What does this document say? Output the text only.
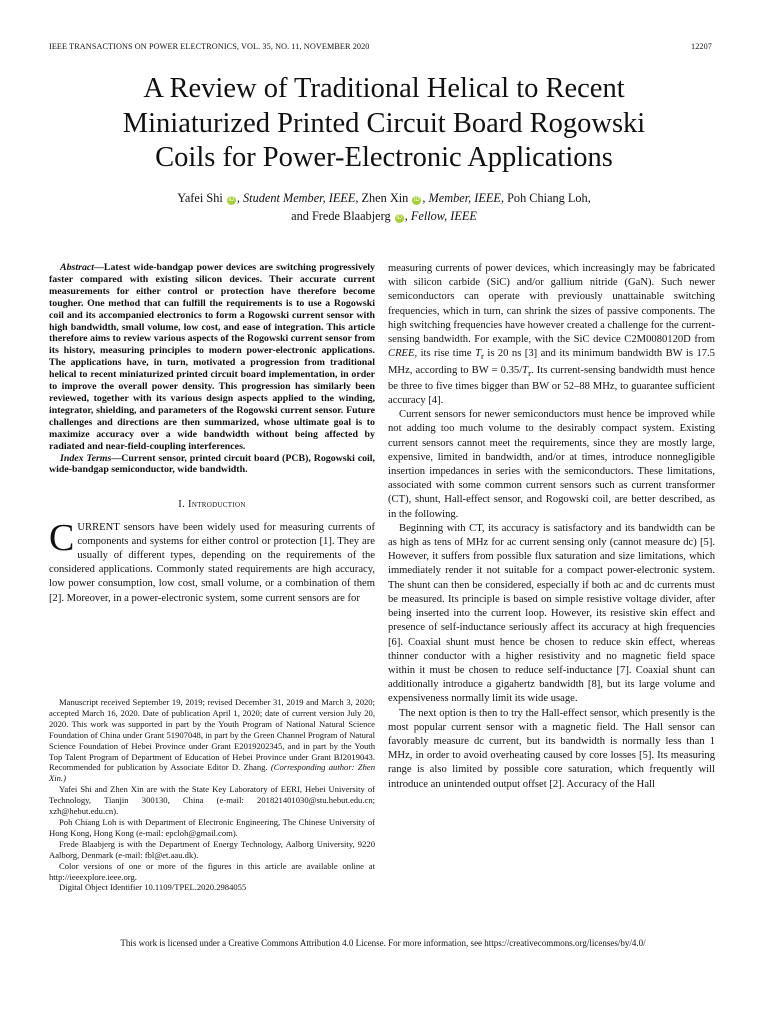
IEEE TRANSACTIONS ON POWER ELECTRONICS, VOL. 35, NO. 11, NOVEMBER 2020	12207
A Review of Traditional Helical to Recent
Miniaturized Printed Circuit Board Rogowski
Coils for Power-Electronic Applications
Yafei Shi iD , Student Member, IEEE, Zhen Xin iD , Member, IEEE, Poh Chiang Loh,
and Frede Blaabjerg iD , Fellow, IEEE

Abstract—Latest wide-bandgap power devices are switching progressively faster compared with existing silicon devices. Their accurate current measurements for either control or protection have therefore become tougher. One method that can fulfill the requirements is to use a Rogowski coil and its accompanied electronics to form a Rogowski current sensor with high bandwidth, small volume, low cost, and ease of integration. This article therefore aims to review various aspects of the Rogowski current sensor from its history, measuring principles to modern power-electronic applications. The applications have, in turn, motivated a progression from traditional helical to recent miniaturized printed circuit board implementation, in order to improve the overall power density. This progression has similarly been reviewed, together with its various design aspects applied to the winding, integrator, shielding, and parameters of the Rogowski current sensor. Future challenges and directions are then summarized, whose ultimate goal is to maximize accuracy over a wide bandwidth without being affected by radiated and near-field-coupling interferences.

Index Terms—Current sensor, printed circuit board (PCB), Rogowski coil, wide-bandgap semiconductor, wide bandwidth.

I. Introduction

CURRENT sensors have been widely used for measuring currents of components and systems for either control or protection [1]. They are usually of different types, depending on the requirements of the considered applications. Commonly stated requirements are high accuracy, low power consumption, low cost, small volume, or a combination of them [2]. Moreover, in a power-electronic system, some current sensors are for

Manuscript received September 19, 2019; revised December 31, 2019 and March 3, 2020; accepted March 16, 2020. Date of publication April 1, 2020; date of current version July 20, 2020. This work was supported in part by the Youth Program of National Natural Science Foundation of China under Grant 51907048, in part by the Green Channel Program of Natural Science Foundation of Hebei Province under Grant E2019202345, and in part by the Youth Top Talent Program of Department of Education of Hebei Province under Grant BJ2019043. Recommended for publication by Associate Editor D. Zhang. (Corresponding author: Zhen Xin.)

Yafei Shi and Zhen Xin are with the State Key Laboratory of EERI, Hebei University of Technology, Tianjin 300130, China (e-mail: 201821401030@stu.hebut.edu.cn; xzh@hebut.edu.cn).

Poh Chiang Loh is with Department of Electronic Engineering, The Chinese University of Hong Kong, Hong Kong (e-mail: epcloh@gmail.com).

Frede Blaabjerg is with the Department of Energy Technology, Aalborg University, 9220 Aalborg, Denmark (e-mail: fbl@et.aau.dk).

Color versions of one or more of the figures in this article are available online at http://ieeexplore.ieee.org.

Digital Object Identifier 10.1109/TPEL.2020.2984055

measuring currents of power devices, which increasingly may be fabricated with silicon carbide (SiC) and/or gallium nitride (GaN). Such newer semiconductors can operate with previously unattainable switching frequencies, which in turn, can shrink the sizes of passive components. The high switching frequencies have however created a challenge for the current-sensing bandwidth. For example, with the SiC device C2M0080120D from CREE, its rise time $T_r$ is 20 ns [3] and its minimum bandwidth BW is 17.5 MHz, according to BW = $0.35/T_r$. Its current-sensing bandwidth must hence be three to five times bigger than BW or 52–88 MHz, to guarantee sufficient accuracy [4].

Current sensors for newer semiconductors must hence be improved while not adding too much volume to the desirably compact system. Existing current sensors cannot meet the requirements, since they are mostly large, expensive, limited in bandwidth, and/or at times, introduce nonnegligible insertion impedances in series with the semiconductors. These limitations, associated with some common current sensors such as current transformer (CT), shunt, Hall-effect sensor, and Rogowski coil, are better described, as in the following.

Beginning with CT, its accuracy is satisfactory and its bandwidth can be as high as tens of MHz for ac current sensing only (cannot measure dc) [5]. However, it suffers from possible flux saturation and size limitations, which immediately render it not suitable for a compact power-electronic system. The shunt can then be considered, especially if both ac and dc currents must be measured. Its principle is based on simple resistive voltage divider, after being inserted into the current loop. However, its resistive skin effect and presence of self-inductance seriously affect its accuracy at high frequencies [6]. Coaxial shunt must hence be chosen to reduce skin effect, whereas thinner conductor with a higher resistivity and no magnetic field space within it must be chosen to reduce self-inductance [7]. Coaxial shunt can additionally introduce a gigahertz bandwidth [8], but its large volume and expensiveness normally limit its wide usage.

The next option is then to try the Hall-effect sensor, which presently is the most popular current sensor with a magnetic field. The Hall sensor can favorably measure dc current, but its bandwidth is normally less than 1 MHz, in order to avoid overheating caused by core losses [5]. Its measuring range is also limited by possible core saturation, which frequently will introduce an unintended output offset [2]. Accuracy of the Hall

This work is licensed under a Creative Commons Attribution 4.0 License. For more information, see https://creativecommons.org/licenses/by/4.0/
